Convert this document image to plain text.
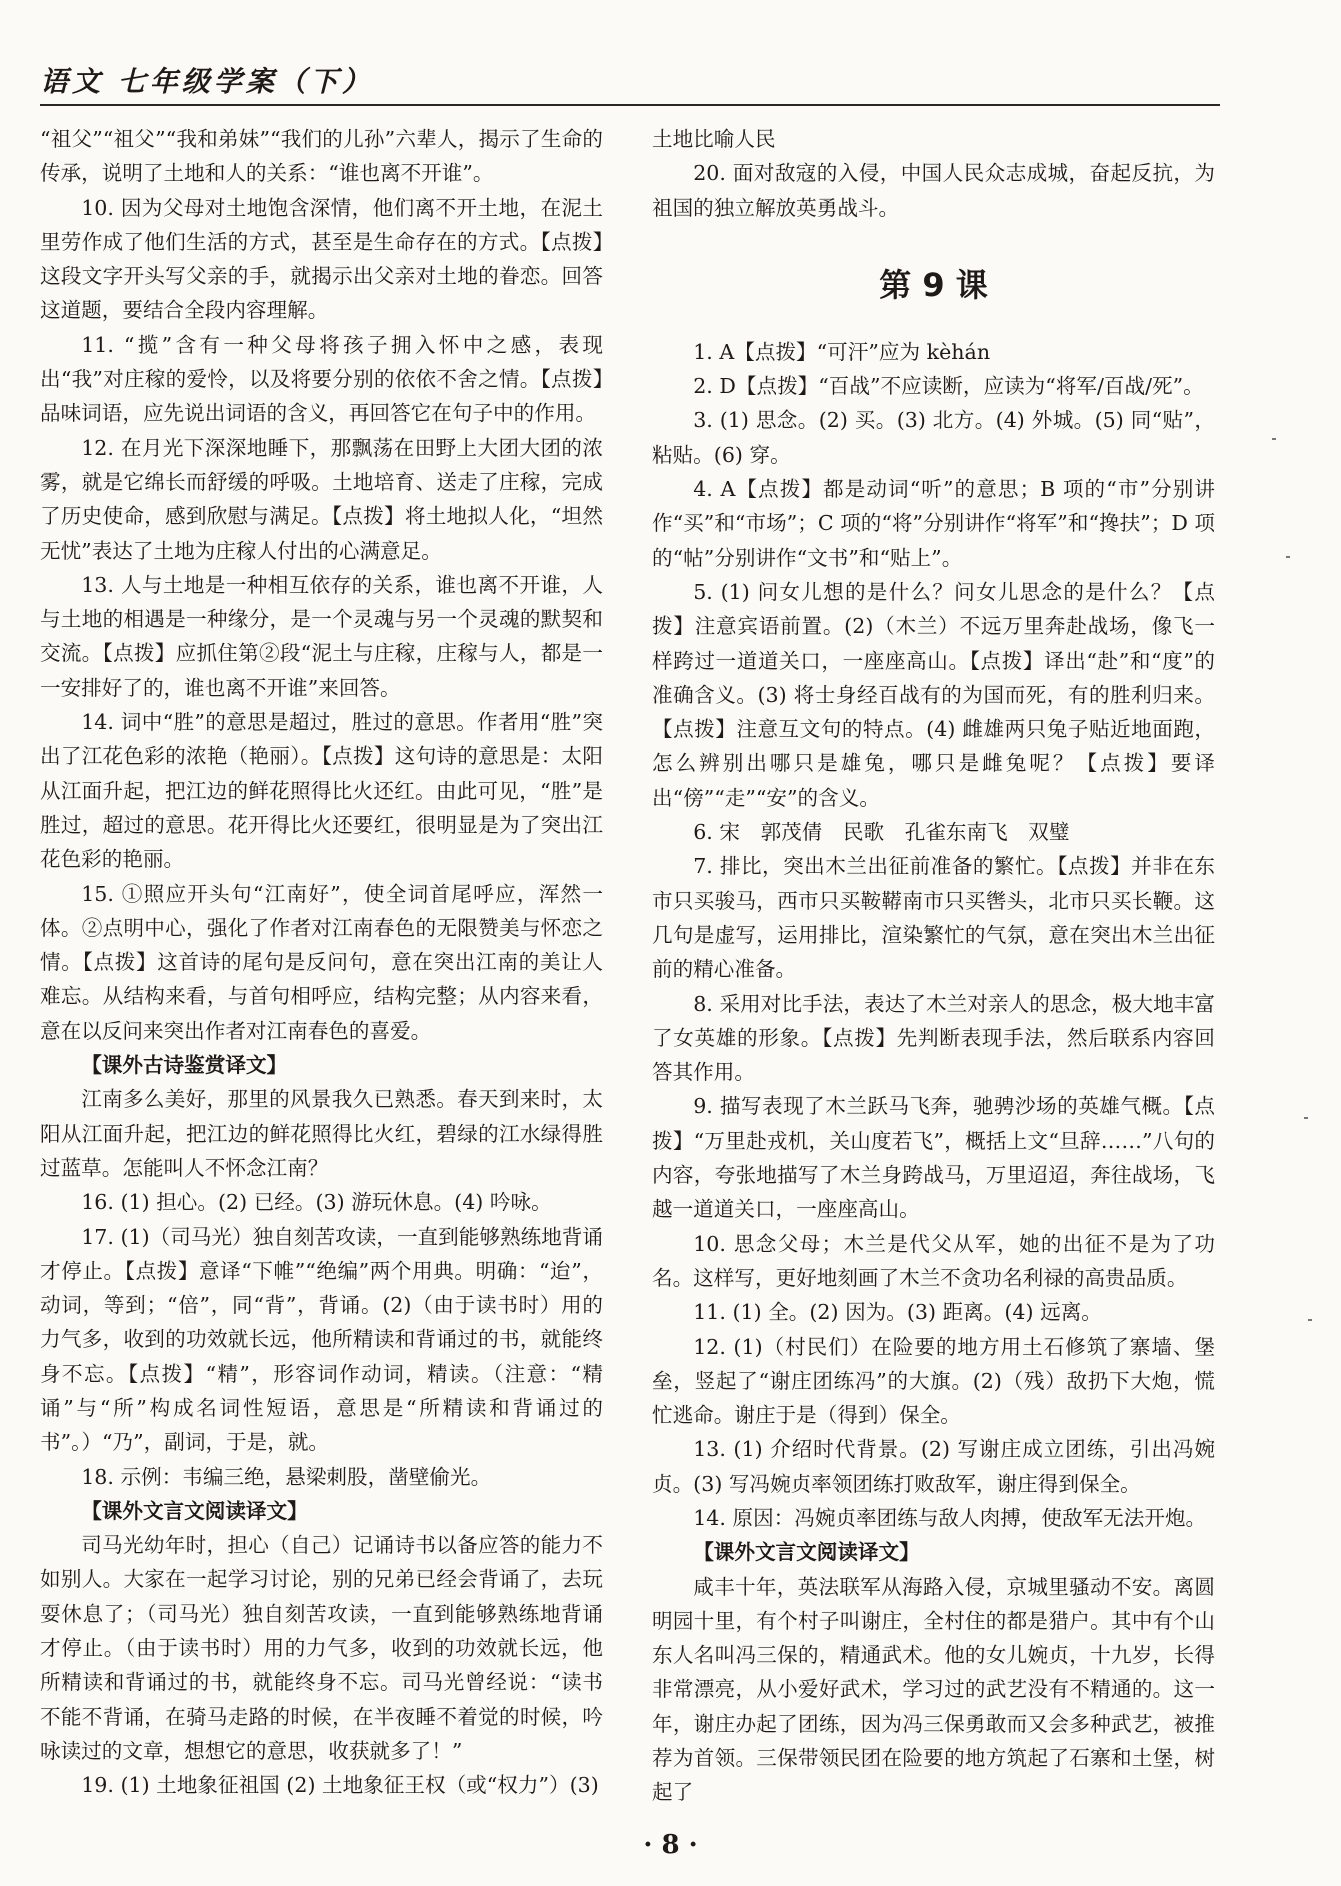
语文 七年级学案（下）

“祖父”“祖父”“我和弟妹”“我们的儿孙”六辈人，揭示了生命的传承，说明了土地和人的关系：“谁也离不开谁”。

10. 因为父母对土地饱含深情，他们离不开土地，在泥土里劳作成了他们生活的方式，甚至是生命存在的方式。【点拨】这段文字开头写父亲的手，就揭示出父亲对土地的眷恋。回答这道题，要结合全段内容理解。

11. “揽”含有一种父母将孩子拥入怀中之感，表现出“我”对庄稼的爱怜，以及将要分别的依依不舍之情。【点拨】品味词语，应先说出词语的含义，再回答它在句子中的作用。

12. 在月光下深深地睡下，那飘荡在田野上大团大团的浓雾，就是它绵长而舒缓的呼吸。土地培育、送走了庄稼，完成了历史使命，感到欣慰与满足。【点拨】将土地拟人化，“坦然无忧”表达了土地为庄稼人付出的心满意足。

13. 人与土地是一种相互依存的关系，谁也离不开谁，人与土地的相遇是一种缘分，是一个灵魂与另一个灵魂的默契和交流。【点拨】应抓住第②段“泥土与庄稼，庄稼与人，都是一一安排好了的，谁也离不开谁”来回答。

14. 词中“胜”的意思是超过，胜过的意思。作者用“胜”突出了江花色彩的浓艳（艳丽）。【点拨】这句诗的意思是：太阳从江面升起，把江边的鲜花照得比火还红。由此可见，“胜”是胜过，超过的意思。花开得比火还要红，很明显是为了突出江花色彩的艳丽。

15. ①照应开头句“江南好”，使全词首尾呼应，浑然一体。②点明中心，强化了作者对江南春色的无限赞美与怀恋之情。【点拨】这首诗的尾句是反问句，意在突出江南的美让人难忘。从结构来看，与首句相呼应，结构完整；从内容来看，意在以反问来突出作者对江南春色的喜爱。

【课外古诗鉴赏译文】

江南多么美好，那里的风景我久已熟悉。春天到来时，太阳从江面升起，把江边的鲜花照得比火红，碧绿的江水绿得胜过蓝草。怎能叫人不怀念江南？

16. (1) 担心。(2) 已经。(3) 游玩休息。(4) 吟咏。

17. (1)（司马光）独自刻苦攻读，一直到能够熟练地背诵才停止。【点拨】意译“下帷”“绝编”两个用典。明确：“迨”，动词，等到；“倍”，同“背”，背诵。(2)（由于读书时）用的力气多，收到的功效就长远，他所精读和背诵过的书，就能终身不忘。【点拨】“精”，形容词作动词，精读。（注意：“精诵”与“所”构成名词性短语，意思是“所精读和背诵过的书”。）“乃”，副词，于是，就。

18. 示例：韦编三绝，悬梁刺股，凿壁偷光。

【课外文言文阅读译文】

司马光幼年时，担心（自己）记诵诗书以备应答的能力不如别人。大家在一起学习讨论，别的兄弟已经会背诵了，去玩耍休息了；（司马光）独自刻苦攻读，一直到能够熟练地背诵才停止。（由于读书时）用的力气多，收到的功效就长远，他所精读和背诵过的书，就能终身不忘。司马光曾经说：“读书不能不背诵，在骑马走路的时候，在半夜睡不着觉的时候，吟咏读过的文章，想想它的意思，收获就多了！”

19. (1) 土地象征祖国 (2) 土地象征王权（或“权力”）(3)

土地比喻人民

20. 面对敌寇的入侵，中国人民众志成城，奋起反抗，为祖国的独立解放英勇战斗。

第 9 课

1. A【点拨】“可汗”应为 kèhán

2. D【点拨】“百战”不应读断，应读为“将军/百战/死”。

3. (1) 思念。(2) 买。(3) 北方。(4) 外城。(5) 同“贴”，粘贴。(6) 穿。

4. A【点拨】都是动词“听”的意思；B 项的“市”分别讲作“买”和“市场”；C 项的“将”分别讲作“将军”和“搀扶”；D 项的“帖”分别讲作“文书”和“贴上”。

5. (1) 问女儿想的是什么？问女儿思念的是什么？【点拨】注意宾语前置。(2)（木兰）不远万里奔赴战场，像飞一样跨过一道道关口，一座座高山。【点拨】译出“赴”和“度”的准确含义。(3) 将士身经百战有的为国而死，有的胜利归来。【点拨】注意互文句的特点。(4) 雌雄两只兔子贴近地面跑，怎么辨别出哪只是雄兔，哪只是雌兔呢？【点拨】要译出“傍”“走”“安”的含义。

6. 宋　郭茂倩　民歌　孔雀东南飞　双璧

7. 排比，突出木兰出征前准备的繁忙。【点拨】并非在东市只买骏马，西市只买鞍鞯南市只买辔头，北市只买长鞭。这几句是虚写，运用排比，渲染繁忙的气氛，意在突出木兰出征前的精心准备。

8. 采用对比手法，表达了木兰对亲人的思念，极大地丰富了女英雄的形象。【点拨】先判断表现手法，然后联系内容回答其作用。

9. 描写表现了木兰跃马飞奔，驰骋沙场的英雄气概。【点拨】“万里赴戎机，关山度若飞”，概括上文“旦辞……”八句的内容，夸张地描写了木兰身跨战马，万里迢迢，奔往战场，飞越一道道关口，一座座高山。

10. 思念父母；木兰是代父从军，她的出征不是为了功名。这样写，更好地刻画了木兰不贪功名利禄的高贵品质。

11. (1) 全。(2) 因为。(3) 距离。(4) 远离。

12. (1)（村民们）在险要的地方用土石修筑了寨墙、堡垒，竖起了“谢庄团练冯”的大旗。(2)（残）敌扔下大炮，慌忙逃命。谢庄于是（得到）保全。

13. (1) 介绍时代背景。(2) 写谢庄成立团练，引出冯婉贞。(3) 写冯婉贞率领团练打败敌军，谢庄得到保全。

14. 原因：冯婉贞率团练与敌人肉搏，使敌军无法开炮。

【课外文言文阅读译文】

咸丰十年，英法联军从海路入侵，京城里骚动不安。离圆明园十里，有个村子叫谢庄，全村住的都是猎户。其中有个山东人名叫冯三保的，精通武术。他的女儿婉贞，十九岁，长得非常漂亮，从小爱好武术，学习过的武艺没有不精通的。这一年，谢庄办起了团练，因为冯三保勇敢而又会多种武艺，被推荐为首领。三保带领民团在险要的地方筑起了石寨和土堡，树起了

· 8 ·
